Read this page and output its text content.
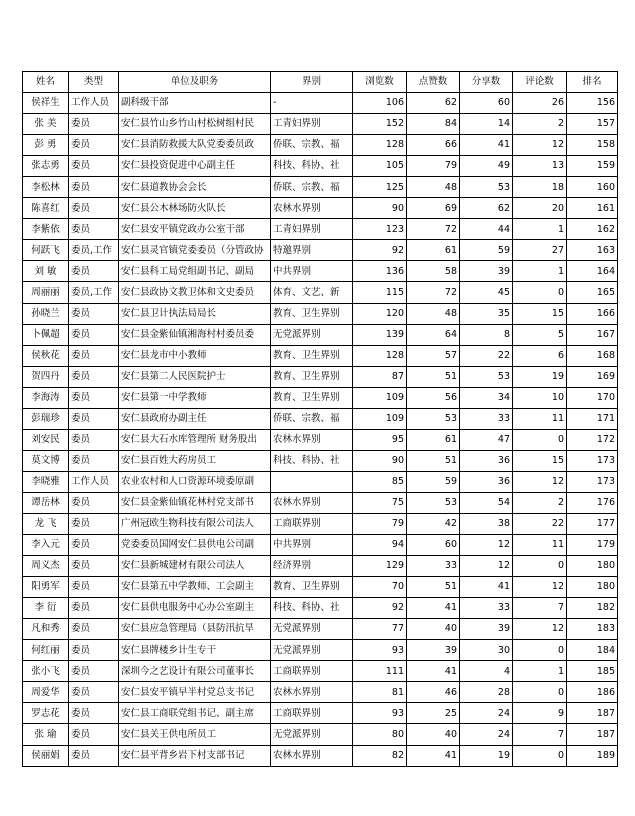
姓名	类型	单位及职务	界别	浏览数	点赞数	分享数	评论数	排名
侯祥生	工作人员	副科级干部	-	106	62	60	26	156
张 美	委员	安仁县竹山乡竹山村松树组村民	工青妇界别	152	84	14	2	157
彭 勇	委员	安仁县消防救援大队党委委员政	侨联、宗教、福	128	66	41	12	158
张志勇	委员	安仁县投资促进中心副主任	科技、科协、社	105	79	49	13	159
李松林	委员	安仁县道教协会会长	侨联、宗教、福	125	48	53	18	160
陈喜红	委员	安仁县公木林场防火队长	农林水界别	90	69	62	20	161
李紫依	委员	安仁县安平镇党政办公室干部	工青妇界别	123	72	44	1	162
何跃飞	委员,工作	安仁县灵官镇党委委员（分管政协	特邀界别	92	61	59	27	163
刘 敏	委员	安仁县科工局党组副书记、副局	中共界别	136	58	39	1	164
周丽丽	委员,工作	安仁县政协文教卫体和文史委员	体育、文艺、新	115	72	45	0	165
孙晓兰	委员	安仁县卫计执法局局长	教育、卫生界别	120	48	35	15	166
卜佩超	委员	安仁县金紫仙镇湘海村村委员委	无党派界别	139	64	8	5	167
侯秋花	委员	安仁县龙市中小教师	教育、卫生界别	128	57	22	6	168
贺四丹	委员	安仁县第二人民医院护士	教育、卫生界别	87	51	53	19	169
李海涛	委员	安仁县第一中学教师	教育、卫生界别	109	56	34	10	170
彭瑞珍	委员	安仁县政府办副主任	侨联、宗教、福	109	53	33	11	171
刘安民	委员	安仁县大石水库管理所 财务股出	农林水界别	95	61	47	0	172
莫文博	委员	安仁县百姓大药房员工	科技、科协、社	90	51	36	15	173
李晓雅	工作人员	农业农村和人口资源环境委原副		85	59	36	12	173
谭岳林	委员	安仁县金紫仙镇花林村党支部书	农林水界别	75	53	54	2	176
龙 飞	委员	广州冠欧生物科技有限公司法人	工商联界别	79	42	38	22	177
李入元	委员	党委委员国网安仁县供电公司副	中共界别	94	60	12	11	179
周义杰	委员	安仁县新城建材有限公司法人	经济界别	129	33	12	0	180
阳勇军	委员	安仁县第五中学教师、工会副主	教育、卫生界别	70	51	41	12	180
李 衍	委员	安仁县供电服务中心办公室副主	科技、科协、社	92	41	33	7	182
凡和秀	委员	安仁县应急管理局（县防汛抗旱	无党派界别	77	40	39	12	183
何红丽	委员	安仁县牌楼乡计生专干	无党派界别	93	39	30	0	184
张小飞	委员	深圳今之艺设计有限公司董事长	工商联界别	111	41	4	1	185
周爱华	委员	安仁县安平镇早半村党总支书记	农林水界别	81	46	28	0	186
罗志花	委员	安仁县工商联党组书记、副主席	工商联界别	93	25	24	9	187
张 瑜	委员	安仁县关王供电所员工	无党派界别	80	40	24	7	187
侯丽娟	委员	安仁县平背乡岩下村支部书记	农林水界别	82	41	19	0	189
